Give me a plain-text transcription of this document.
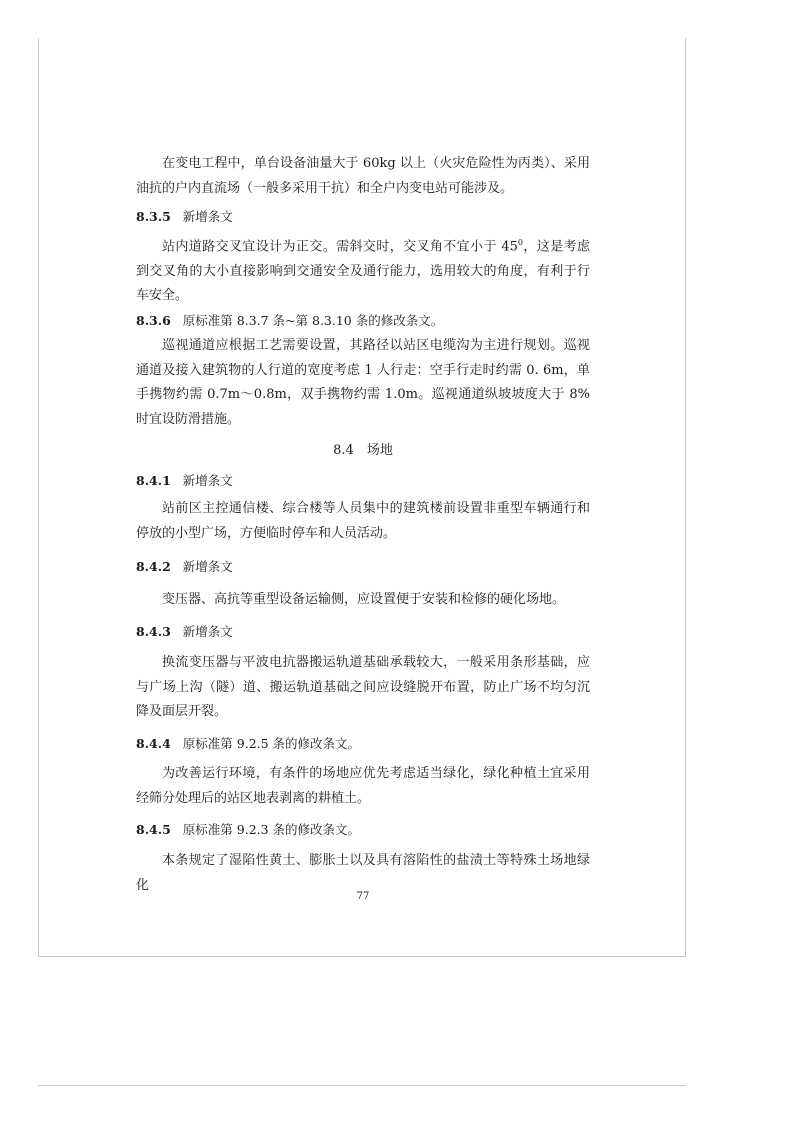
在变电工程中，单台设备油量大于 60kg 以上（火灾危险性为丙类）、采用油抗的户内直流场（一般多采用干抗）和全户内变电站可能涉及。

8.3.5 新增条文

站内道路交叉宜设计为正交。需斜交时，交叉角不宜小于 $45^0$，这是考虑到交叉角的大小直接影响到交通安全及通行能力，选用较大的角度，有利于行车安全。

8.3.6 原标准第 8.3.7 条~第 8.3.10 条的修改条文。

巡视通道应根据工艺需要设置，其路径以站区电缆沟为主进行规划。巡视通道及接入建筑物的人行道的宽度考虑 1 人行走：空手行走时约需 0. 6m，单手携物约需 0.7m～0.8m，双手携物约需 1.0m。巡视通道纵坡坡度大于 8%时宜设防滑措施。

8.4　场地
8.4.1 新增条文

站前区主控通信楼、综合楼等人员集中的建筑楼前设置非重型车辆通行和停放的小型广场，方便临时停车和人员活动。

8.4.2 新增条文

变压器、高抗等重型设备运输侧，应设置便于安装和检修的硬化场地。

8.4.3 新增条文

换流变压器与平波电抗器搬运轨道基础承载较大，一般采用条形基础，应与广场上沟（隧）道、搬运轨道基础之间应设缝脱开布置，防止广场不均匀沉降及面层开裂。

8.4.4 原标准第 9.2.5 条的修改条文。

为改善运行环境，有条件的场地应优先考虑适当绿化，绿化种植土宜采用经筛分处理后的站区地表剥离的耕植土。

8.4.5 原标准第 9.2.3 条的修改条文。

本条规定了湿陷性黄土、膨胀土以及具有溶陷性的盐渍土等特殊土场地绿化

77
